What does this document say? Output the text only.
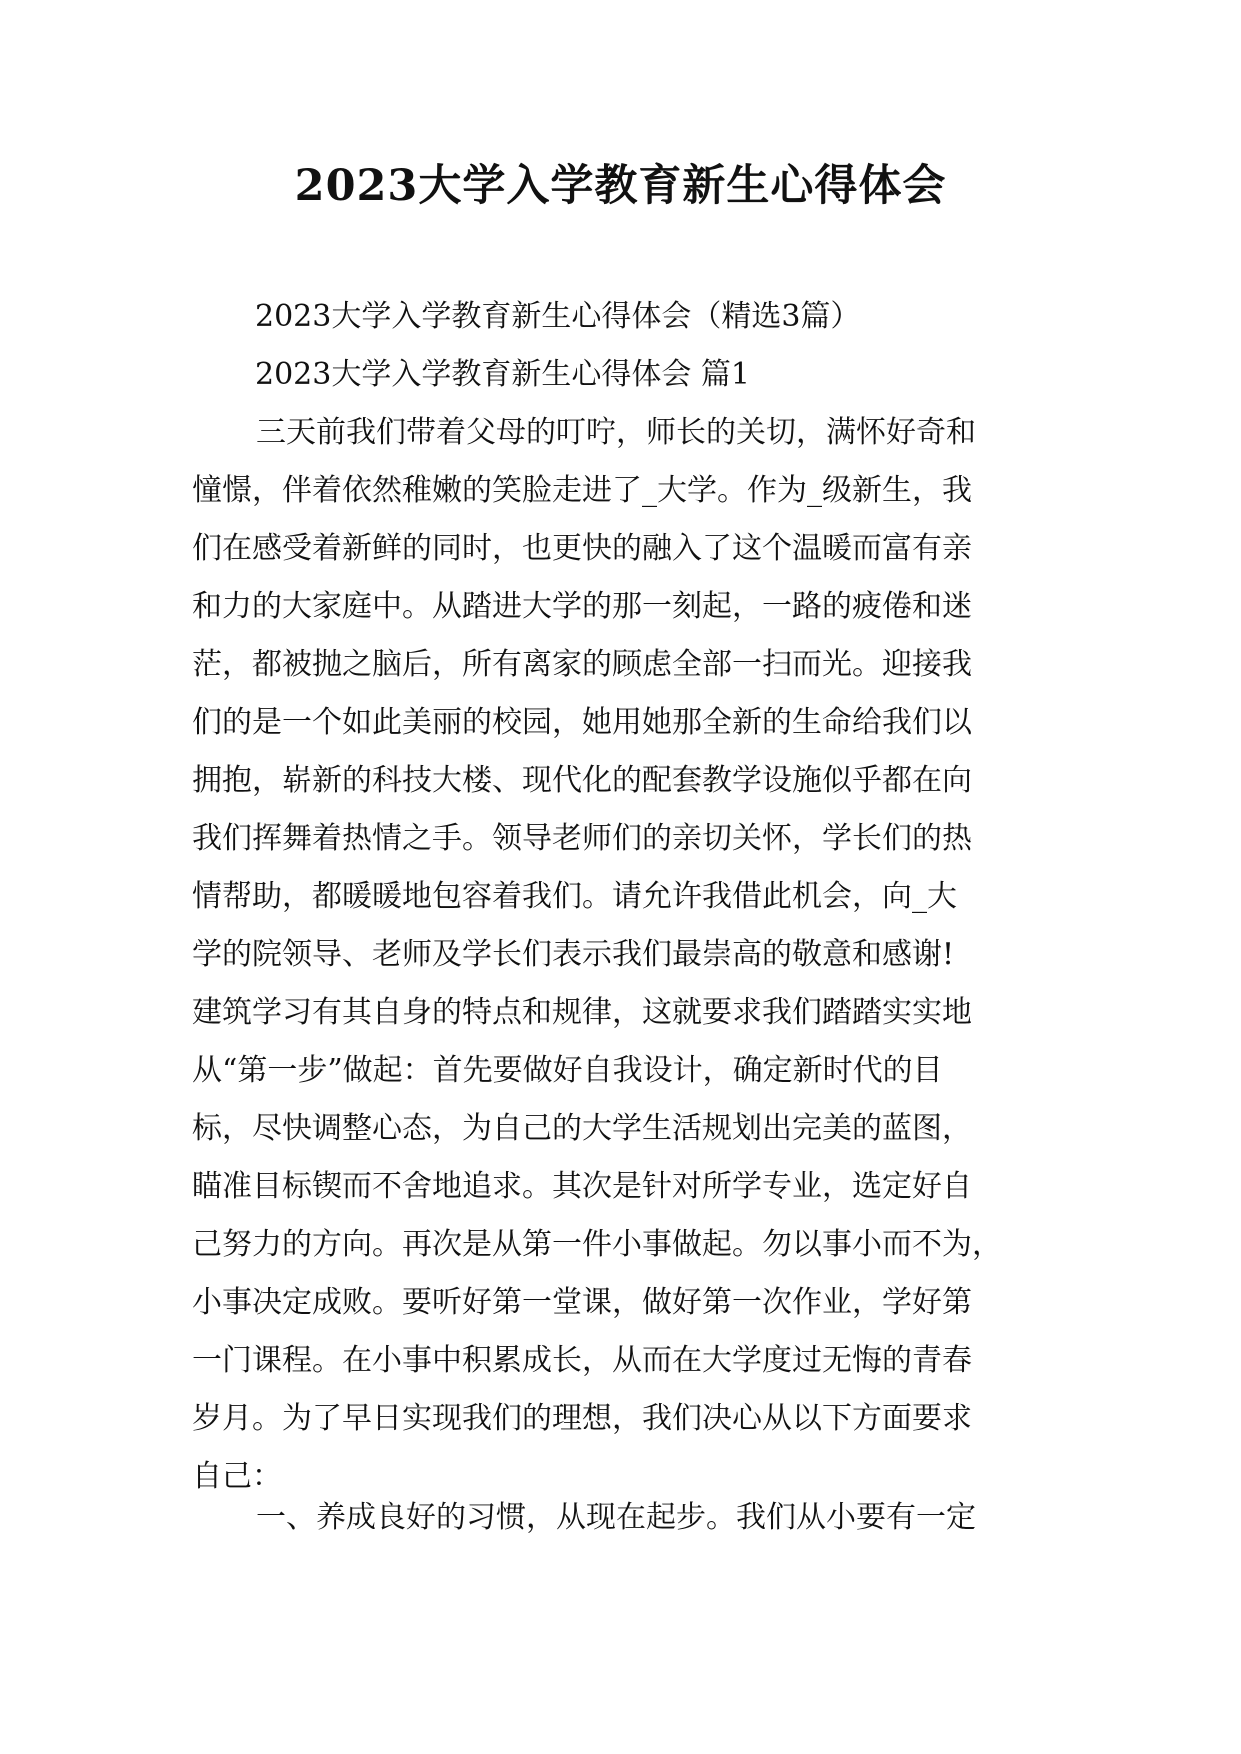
2023大学入学教育新生心得体会

2023大学入学教育新生心得体会（精选3篇）

2023大学入学教育新生心得体会 篇1

三天前我们带着父母的叮咛，师长的关切，满怀好奇和
憧憬，伴着依然稚嫩的笑脸走进了_大学。作为_级新生，我
们在感受着新鲜的同时，也更快的融入了这个温暖而富有亲
和力的大家庭中。从踏进大学的那一刻起，一路的疲倦和迷
茫，都被抛之脑后，所有离家的顾虑全部一扫而光。迎接我
们的是一个如此美丽的校园，她用她那全新的生命给我们以
拥抱，崭新的科技大楼、现代化的配套教学设施似乎都在向
我们挥舞着热情之手。领导老师们的亲切关怀，学长们的热
情帮助，都暖暖地包容着我们。请允许我借此机会，向_大
学的院领导、老师及学长们表示我们最崇高的敬意和感谢!
建筑学习有其自身的特点和规律，这就要求我们踏踏实实地
从“第一步”做起：首先要做好自我设计，确定新时代的目
标，尽快调整心态，为自己的大学生活规划出完美的蓝图，
瞄准目标锲而不舍地追求。其次是针对所学专业，选定好自
己努力的方向。再次是从第一件小事做起。勿以事小而不为，
小事决定成败。要听好第一堂课，做好第一次作业，学好第
一门课程。在小事中积累成长，从而在大学度过无悔的青春
岁月。为了早日实现我们的理想，我们决心从以下方面要求
自己：
一、养成良好的习惯，从现在起步。我们从小要有一定
